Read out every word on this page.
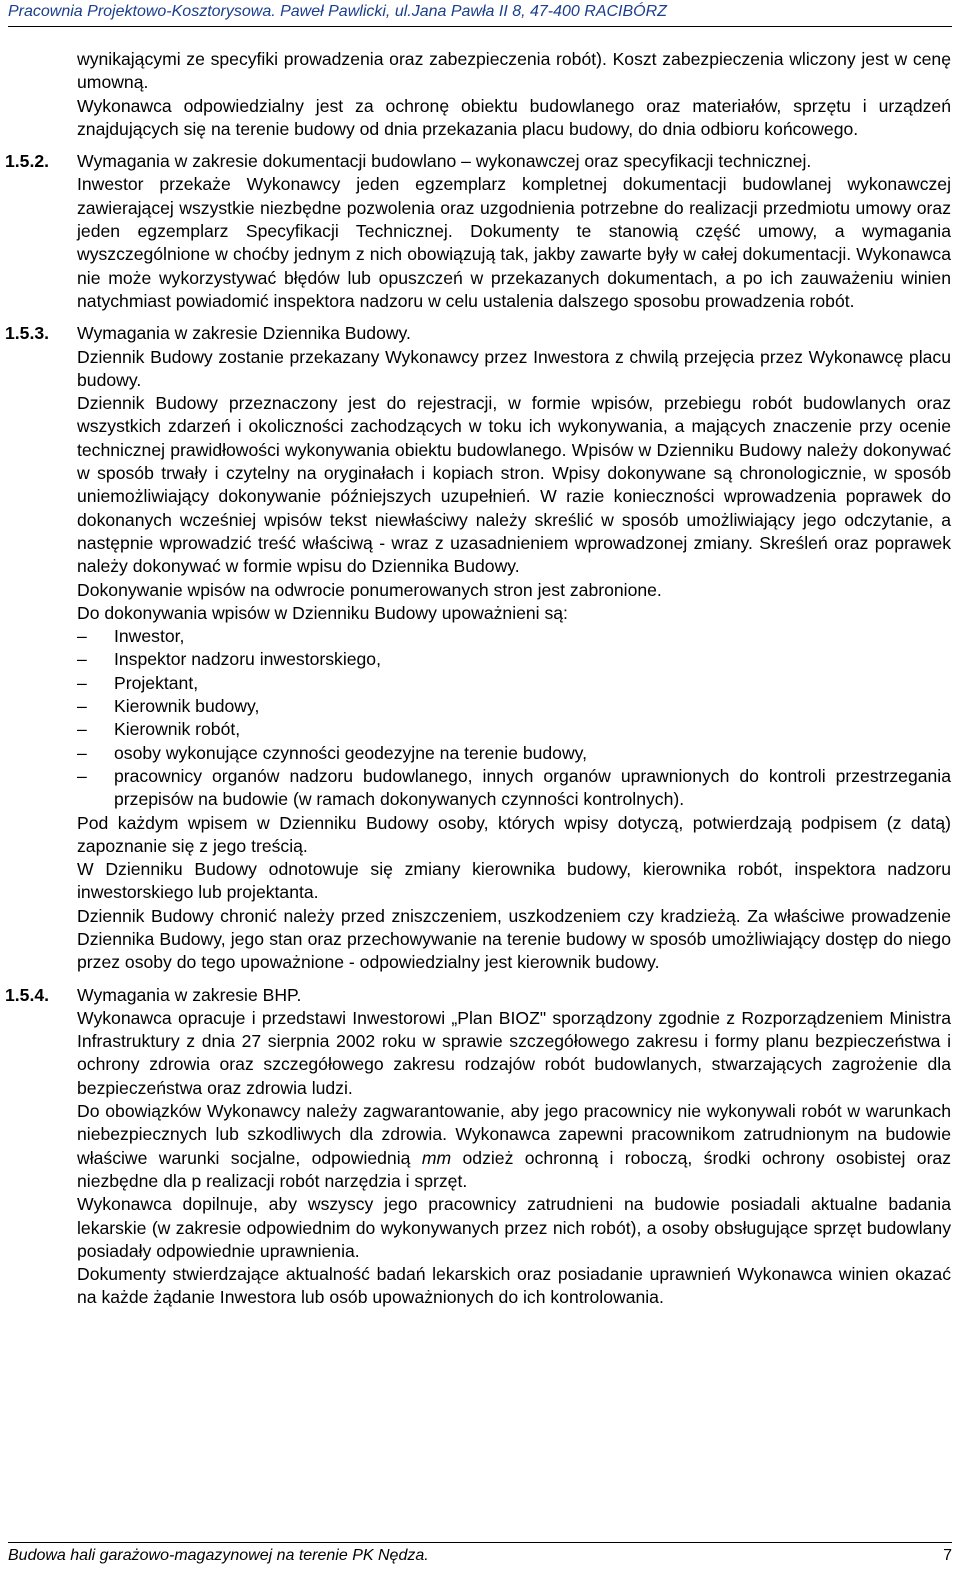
Pracownia Projektowo-Kosztorysowa. Paweł Pawlicki, ul.Jana Pawła II 8, 47-400 RACIBÓRZ

wynikającymi ze specyfiki prowadzenia oraz zabezpieczenia robót). Koszt zabezpieczenia wliczony jest w cenę umowną.

Wykonawca odpowiedzialny jest za ochronę obiektu budowlanego oraz materiałów, sprzętu i urządzeń znajdujących się na terenie budowy od dnia przekazania placu budowy, do dnia odbioru końcowego.

1.5.2. Wymagania w zakresie dokumentacji budowlano – wykonawczej oraz specyfikacji technicznej.

Inwestor przekaże Wykonawcy jeden egzemplarz kompletnej dokumentacji budowlanej wykonawczej zawierającej wszystkie niezbędne pozwolenia oraz uzgodnienia potrzebne do realizacji przedmiotu umowy oraz jeden egzemplarz Specyfikacji Technicznej. Dokumenty te stanowią część umowy, a wymagania wyszczególnione w choćby jednym z nich obowiązują tak, jakby zawarte były w całej dokumentacji. Wykonawca nie może wykorzystywać błędów lub opuszczeń w przekazanych dokumentach, a po ich zauważeniu winien natychmiast powiadomić inspektora nadzoru w celu ustalenia dalszego sposobu prowadzenia robót.

1.5.3. Wymagania w zakresie Dziennika Budowy.

Dziennik Budowy zostanie przekazany Wykonawcy przez Inwestora z chwilą przejęcia przez Wykonawcę placu budowy.

Dziennik Budowy przeznaczony jest do rejestracji, w formie wpisów, przebiegu robót budowlanych oraz wszystkich zdarzeń i okoliczności zachodzących w toku ich wykonywania, a mających znaczenie przy ocenie technicznej prawidłowości wykonywania obiektu budowlanego. Wpisów w Dzienniku Budowy należy dokonywać w sposób trwały i czytelny na oryginałach i kopiach stron. Wpisy dokonywane są chronologicznie, w sposób uniemożliwiający dokonywanie późniejszych uzupełnień. W razie konieczności wprowadzenia poprawek do dokonanych wcześniej wpisów tekst niewłaściwy należy skreślić w sposób umożliwiający jego odczytanie, a następnie wprowadzić treść właściwą - wraz z uzasadnieniem wprowadzonej zmiany. Skreśleń oraz poprawek należy dokonywać w formie wpisu do Dziennika Budowy.

Dokonywanie wpisów na odwrocie ponumerowanych stron jest zabronione.

Do dokonywania wpisów w Dzienniku Budowy upoważnieni są:

– Inwestor,
– Inspektor nadzoru inwestorskiego,
– Projektant,
– Kierownik budowy,
– Kierownik robót,
– osoby wykonujące czynności geodezyjne na terenie budowy,
– pracownicy organów nadzoru budowlanego, innych organów uprawnionych do kontroli przestrzegania przepisów na budowie (w ramach dokonywanych czynności kontrolnych).

Pod każdym wpisem w Dzienniku Budowy osoby, których wpisy dotyczą, potwierdzają podpisem (z datą) zapoznanie się z jego treścią.

W Dzienniku Budowy odnotowuje się zmiany kierownika budowy, kierownika robót, inspektora nadzoru inwestorskiego lub projektanta.

Dziennik Budowy chronić należy przed zniszczeniem, uszkodzeniem czy kradzieżą. Za właściwe prowadzenie Dziennika Budowy, jego stan oraz przechowywanie na terenie budowy w sposób umożliwiający dostęp do niego przez osoby do tego upoważnione - odpowiedzialny jest kierownik budowy.

1.5.4. Wymagania w zakresie BHP.

Wykonawca opracuje i przedstawi Inwestorowi „Plan BIOZ" sporządzony zgodnie z Rozporządzeniem Ministra Infrastruktury z dnia 27 sierpnia 2002 roku w sprawie szczegółowego zakresu i formy planu bezpieczeństwa i ochrony zdrowia oraz szczegółowego zakresu rodzajów robót budowlanych, stwarzających zagrożenie dla bezpieczeństwa oraz zdrowia ludzi.

Do obowiązków Wykonawcy należy zagwarantowanie, aby jego pracownicy nie wykonywali robót w warunkach niebezpiecznych lub szkodliwych dla zdrowia. Wykonawca zapewni pracownikom zatrudnionym na budowie właściwe warunki socjalne, odpowiednią mm odzież ochronną i roboczą, środki ochrony osobistej oraz niezbędne dla p realizacji robót narzędzia i sprzęt.

Wykonawca dopilnuje, aby wszyscy jego pracownicy zatrudnieni na budowie posiadali aktualne badania lekarskie (w zakresie odpowiednim do wykonywanych przez nich robót), a osoby obsługujące sprzęt budowlany posiadały odpowiednie uprawnienia.

Dokumenty stwierdzające aktualność badań lekarskich oraz posiadanie uprawnień Wykonawca winien okazać na każde żądanie Inwestora lub osób upoważnionych do ich kontrolowania.

Budowa hali garażowo-magazynowej na terenie PK Nędza.	7
